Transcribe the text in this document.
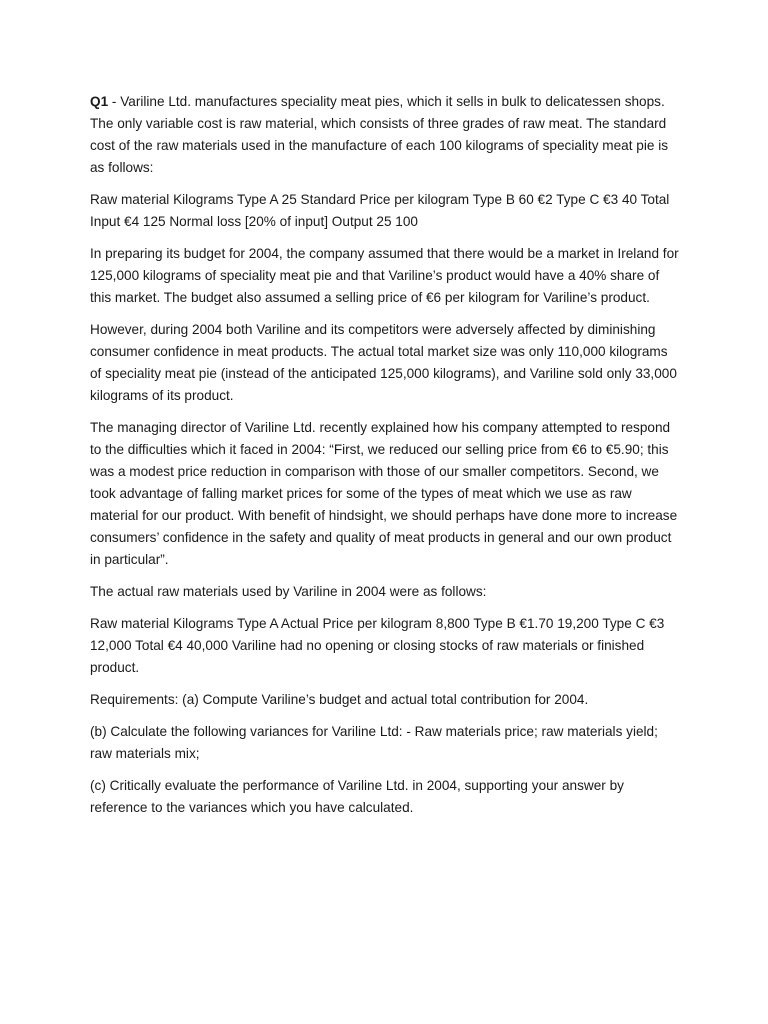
Q1 - Variline Ltd. manufactures speciality meat pies, which it sells in bulk to delicatessen shops. The only variable cost is raw material, which consists of three grades of raw meat. The standard cost of the raw materials used in the manufacture of each 100 kilograms of speciality meat pie is as follows:

Raw material Kilograms Type A 25 Standard Price per kilogram Type B 60 €2 Type C €3 40 Total Input €4 125 Normal loss [20% of input] Output 25 100

In preparing its budget for 2004, the company assumed that there would be a market in Ireland for 125,000 kilograms of speciality meat pie and that Variline’s product would have a 40% share of this market. The budget also assumed a selling price of €6 per kilogram for Variline’s product.

However, during 2004 both Variline and its competitors were adversely affected by diminishing consumer confidence in meat products. The actual total market size was only 110,000 kilograms of speciality meat pie (instead of the anticipated 125,000 kilograms), and Variline sold only 33,000 kilograms of its product.

The managing director of Variline Ltd. recently explained how his company attempted to respond to the difficulties which it faced in 2004: “First, we reduced our selling price from €6 to €5.90; this was a modest price reduction in comparison with those of our smaller competitors. Second, we took advantage of falling market prices for some of the types of meat which we use as raw material for our product. With benefit of hindsight, we should perhaps have done more to increase consumers’ confidence in the safety and quality of meat products in general and our own product in particular”.

The actual raw materials used by Variline in 2004 were as follows:

Raw material Kilograms Type A Actual Price per kilogram 8,800 Type B €1.70 19,200 Type C €3 12,000 Total €4 40,000 Variline had no opening or closing stocks of raw materials or finished product.

Requirements: (a) Compute Variline’s budget and actual total contribution for 2004.

(b) Calculate the following variances for Variline Ltd: - Raw materials price; raw materials yield; raw materials mix;

(c) Critically evaluate the performance of Variline Ltd. in 2004, supporting your answer by reference to the variances which you have calculated.
